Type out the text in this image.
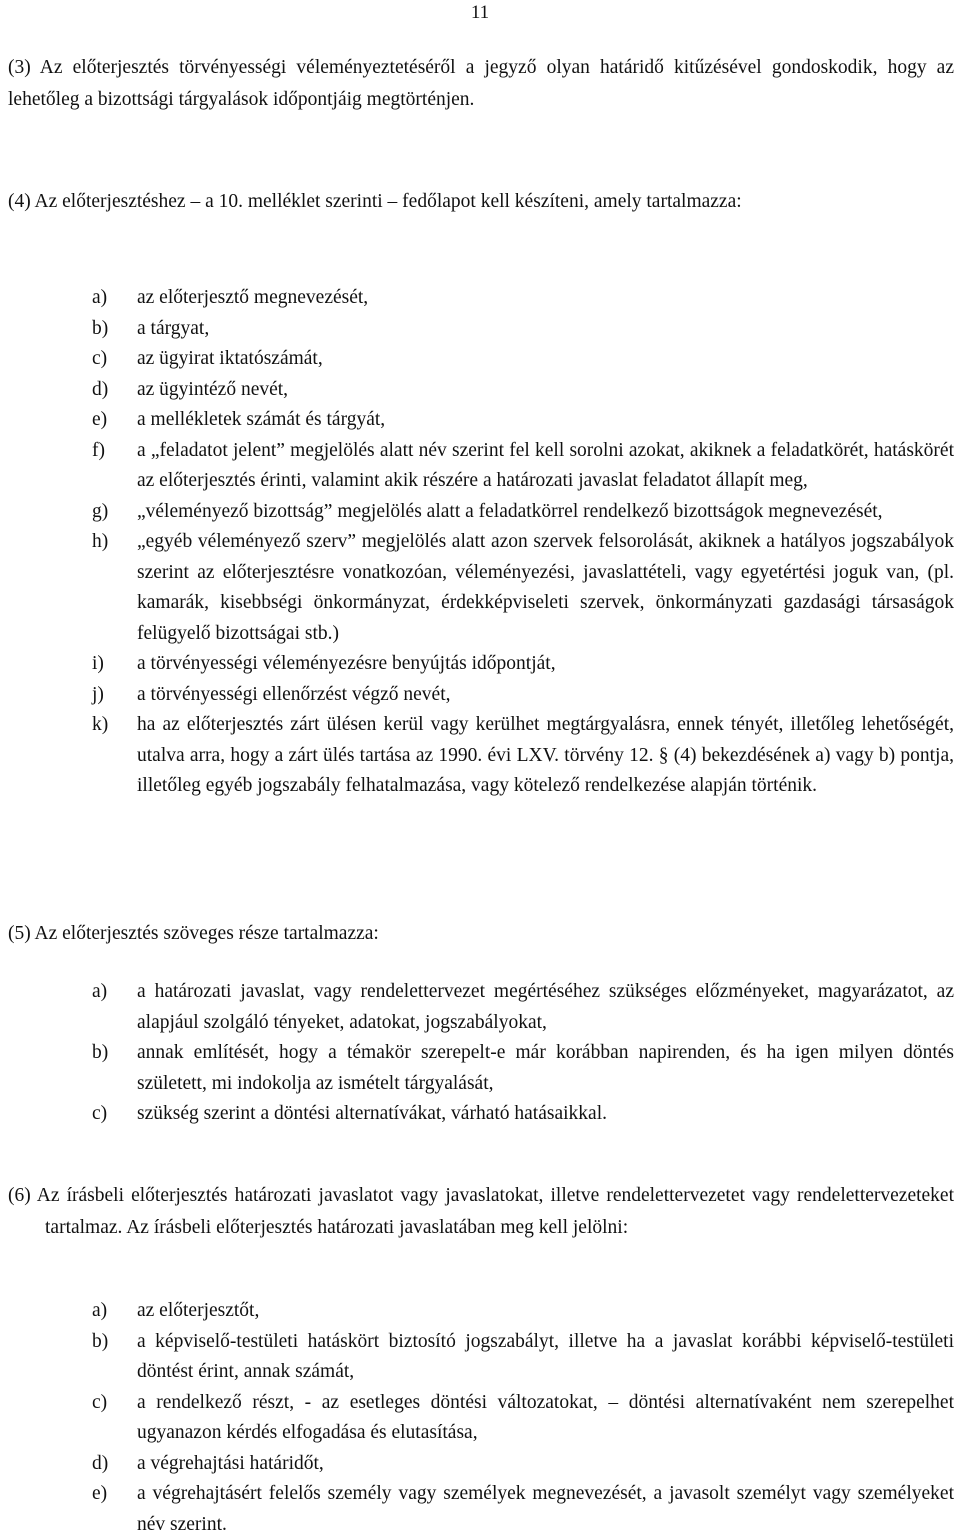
11

(3) Az előterjesztés törvényességi véleményeztetéséről a jegyző olyan határidő kitűzésével gondoskodik, hogy az lehetőleg a bizottsági tárgyalások időpontjáig megtörténjen.

(4) Az előterjesztéshez – a 10. melléklet szerinti – fedőlapot kell készíteni, amely tartalmazza:

a) az előterjesztő megnevezését,
b) a tárgyat,
c) az ügyirat iktatószámát,
d) az ügyintéző nevét,
e) a mellékletek számát és tárgyát,
f) a „feladatot jelent” megjelölés alatt név szerint fel kell sorolni azokat, akiknek a feladatkörét, hatáskörét az előterjesztés érinti, valamint akik részére a határozati javaslat feladatot állapít meg,
g) „véleményező bizottság” megjelölés alatt a feladatkörrel rendelkező bizottságok megnevezését,
h) „egyéb véleményező szerv” megjelölés alatt azon szervek felsorolását, akiknek a hatályos jogszabályok szerint az előterjesztésre vonatkozóan, véleményezési, javaslattételi, vagy egyetértési joguk van, (pl. kamarák, kisebbségi önkormányzat, érdekképviseleti szervek, önkormányzati gazdasági társaságok felügyelő bizottságai stb.)
i) a törvényességi véleményezésre benyújtás időpontját,
j) a törvényességi ellenőrzést végző nevét,
k) ha az előterjesztés zárt ülésen kerül vagy kerülhet megtárgyalásra, ennek tényét, illetőleg lehetőségét, utalva arra, hogy a zárt ülés tartása az 1990. évi LXV. törvény 12. § (4) bekezdésének a) vagy b) pontja, illetőleg egyéb jogszabály felhatalmazása, vagy kötelező rendelkezése alapján történik.

(5) Az előterjesztés szöveges része tartalmazza:

a) a határozati javaslat, vagy rendelettervezet megértéséhez szükséges előzményeket, magyarázatot, az alapjául szolgáló tényeket, adatokat, jogszabályokat,
b) annak említését, hogy a témakör szerepelt-e már korábban napirenden, és ha igen milyen döntés született, mi indokolja az ismételt tárgyalását,
c) szükség szerint a döntési alternatívákat, várható hatásaikkal.

(6) Az írásbeli előterjesztés határozati javaslatot vagy javaslatokat, illetve rendelettervezetet vagy rendelettervezeteket tartalmaz. Az írásbeli előterjesztés határozati javaslatában meg kell jelölni:

a) az előterjesztőt,
b) a képviselő-testületi hatáskört biztosító jogszabályt, illetve ha a javaslat korábbi képviselő-testületi döntést érint, annak számát,
c) a rendelkező részt, - az esetleges döntési változatokat, – döntési alternatívaként nem szerepelhet ugyanazon kérdés elfogadása és elutasítása,
d) a végrehajtási határidőt,
e) a végrehajtásért felelős személy vagy személyek megnevezését, a javasolt személyt vagy személyeket név szerint.
